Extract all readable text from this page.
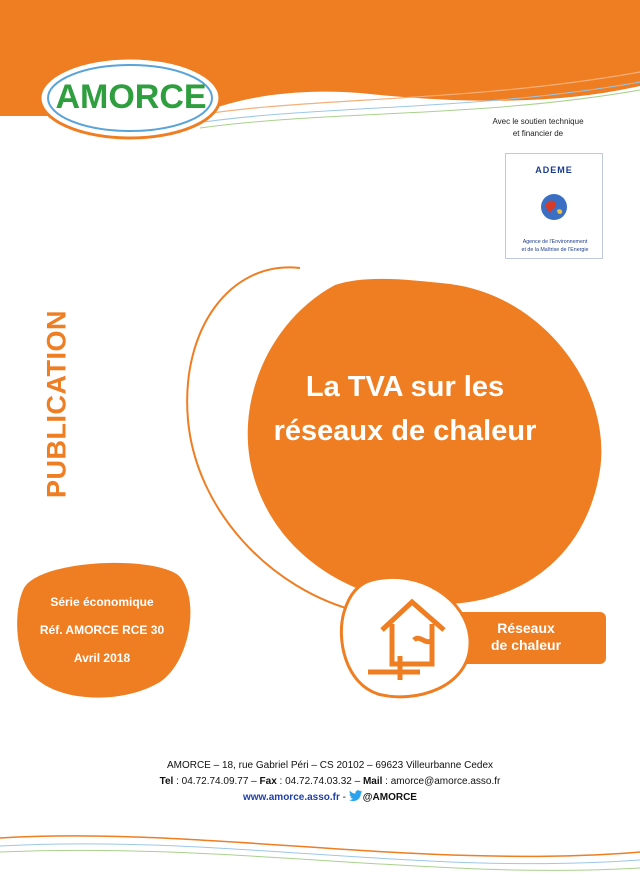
AMORCE
Avec le soutien technique
et financier de
ADEME
Agence de l'Environnement
et de la Maîtrise de l'Energie
PUBLICATION	La TVA sur les
réseaux de chaleur
Série économique
Réf. AMORCE RCE 30
Avril 2018
Réseaux
de chaleur
AMORCE – 18, rue Gabriel Péri – CS 20102 – 69623 Villeurbanne Cedex
Tel : 04.72.74.09.77 – Fax : 04.72.74.03.32 – Mail : amorce@amorce.asso.fr
www.amorce.asso.fr - @AMORCE
